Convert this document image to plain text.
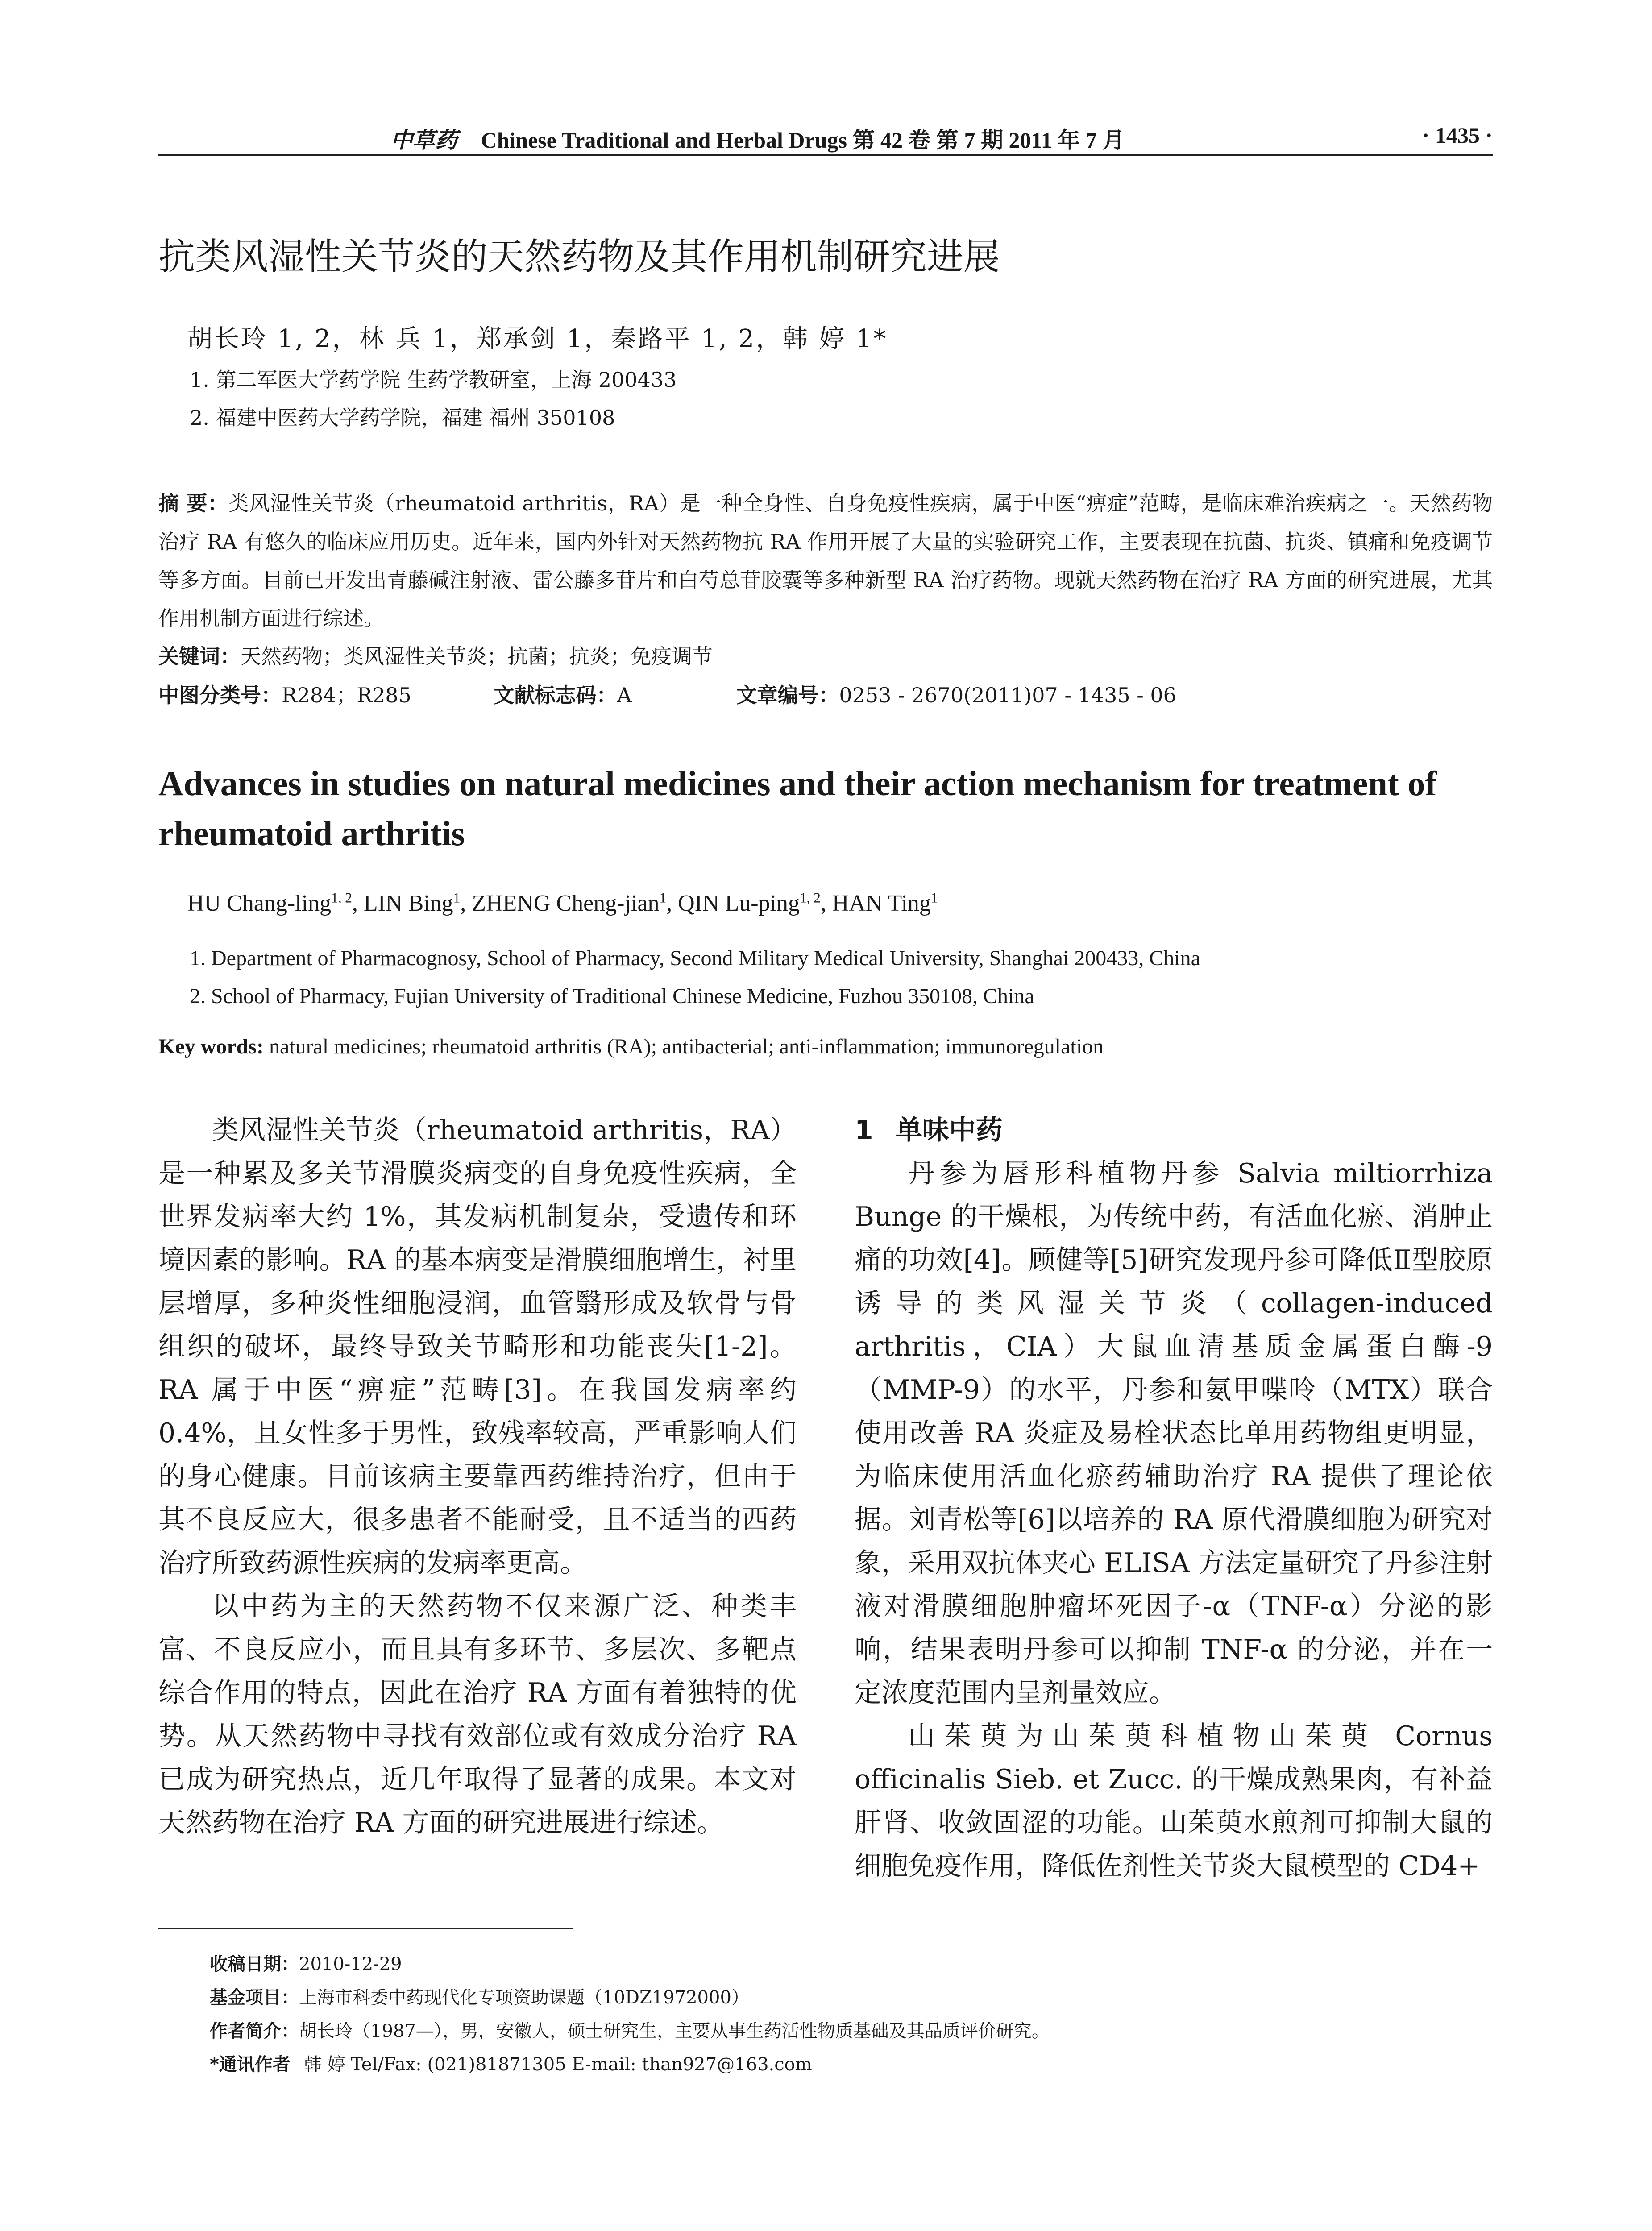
中草药 Chinese Traditional and Herbal Drugs 第 42 卷 第 7 期 2011 年 7 月	· 1435 ·
抗类风湿性关节炎的天然药物及其作用机制研究进展
胡长玲 1, 2，林 兵 1，郑承剑 1，秦路平 1, 2，韩 婷 1*
1. 第二军医大学药学院 生药学教研室，上海 200433
2. 福建中医药大学药学院，福建 福州 350108
摘 要：类风湿性关节炎（rheumatoid arthritis，RA）是一种全身性、自身免疫性疾病，属于中医“痹症”范畴，是临床难治疾病之一。天然药物治疗 RA 有悠久的临床应用历史。近年来，国内外针对天然药物抗 RA 作用开展了大量的实验研究工作，主要表现在抗菌、抗炎、镇痛和免疫调节等多方面。目前已开发出青藤碱注射液、雷公藤多苷片和白芍总苷胶囊等多种新型 RA 治疗药物。现就天然药物在治疗 RA 方面的研究进展，尤其作用机制方面进行综述。
关键词：天然药物；类风湿性关节炎；抗菌；抗炎；免疫调节
中图分类号：R284；R285	文献标志码：A	文章编号：0253 - 2670(2011)07 - 1435 - 06
Advances in studies on natural medicines and their action mechanism for treatment of rheumatoid arthritis
HU Chang-ling$^{1, 2}$, LIN Bing$^1$, ZHENG Cheng-jian$^1$, QIN Lu-ping$^{1, 2}$, HAN Ting$^1$
1. Department of Pharmacognosy, School of Pharmacy, Second Military Medical University, Shanghai 200433, China
2. School of Pharmacy, Fujian University of Traditional Chinese Medicine, Fuzhou 350108, China
Key words: natural medicines; rheumatoid arthritis (RA); antibacterial; anti-inflammation; immunoregulation

类风湿性关节炎（rheumatoid arthritis，RA）是一种累及多关节滑膜炎病变的自身免疫性疾病，全世界发病率大约 1%，其发病机制复杂，受遗传和环境因素的影响。RA 的基本病变是滑膜细胞增生，衬里层增厚，多种炎性细胞浸润，血管翳形成及软骨与骨组织的破坏，最终导致关节畸形和功能丧失[1-2]。RA 属于中医“痹症”范畴[3]。在我国发病率约 0.4%，且女性多于男性，致残率较高，严重影响人们的身心健康。目前该病主要靠西药维持治疗，但由于其不良反应大，很多患者不能耐受，且不适当的西药治疗所致药源性疾病的发病率更高。

以中药为主的天然药物不仅来源广泛、种类丰富、不良反应小，而且具有多环节、多层次、多靶点综合作用的特点，因此在治疗 RA 方面有着独特的优势。从天然药物中寻找有效部位或有效成分治疗 RA 已成为研究热点，近几年取得了显著的成果。本文对天然药物在治疗 RA 方面的研究进展进行综述。

1 单味中药

丹参为唇形科植物丹参 Salvia miltiorrhiza Bunge 的干燥根，为传统中药，有活血化瘀、消肿止痛的功效[4]。顾健等[5]研究发现丹参可降低Ⅱ型胶原诱导的类风湿关节炎（collagen-induced arthritis，CIA）大鼠血清基质金属蛋白酶-9（MMP-9）的水平，丹参和氨甲喋呤（MTX）联合使用改善 RA 炎症及易栓状态比单用药物组更明显，为临床使用活血化瘀药辅助治疗 RA 提供了理论依据。刘青松等[6]以培养的 RA 原代滑膜细胞为研究对象，采用双抗体夹心 ELISA 方法定量研究了丹参注射液对滑膜细胞肿瘤坏死因子-α（TNF-α）分泌的影响，结果表明丹参可以抑制 TNF-α 的分泌，并在一定浓度范围内呈剂量效应。

山茱萸为山茱萸科植物山茱萸 Cornus officinalis Sieb. et Zucc. 的干燥成熟果肉，有补益肝肾、收敛固涩的功能。山茱萸水煎剂可抑制大鼠的细胞免疫作用，降低佐剂性关节炎大鼠模型的 CD4+

收稿日期：2010-12-29
基金项目：上海市科委中药现代化专项资助课题（10DZ1972000）
作者简介：胡长玲（1987—），男，安徽人，硕士研究生，主要从事生药活性物质基础及其品质评价研究。
*通讯作者 韩 婷 Tel/Fax: (021)81871305 E-mail: than927@163.com
